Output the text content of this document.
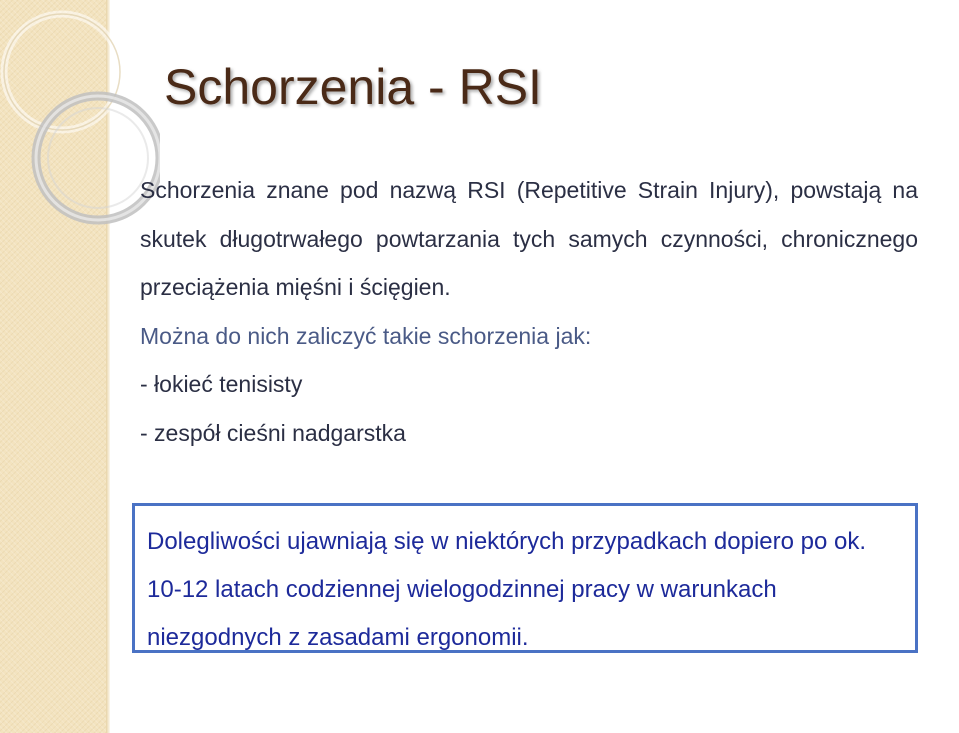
Schorzenia - RSI

Schorzenia znane pod nazwą RSI (Repetitive Strain Injury), powstają na skutek długotrwałego powtarzania tych samych czynności, chronicznego przeciążenia mięśni i ścięgien.

Można do nich zaliczyć takie schorzenia jak:

- łokieć tenisisty

- zespół cieśni nadgarstka

Dolegliwości ujawniają się w niektórych przypadkach dopiero po ok. 10-12 latach codziennej wielogodzinnej pracy w warunkach niezgodnych z zasadami ergonomii.
